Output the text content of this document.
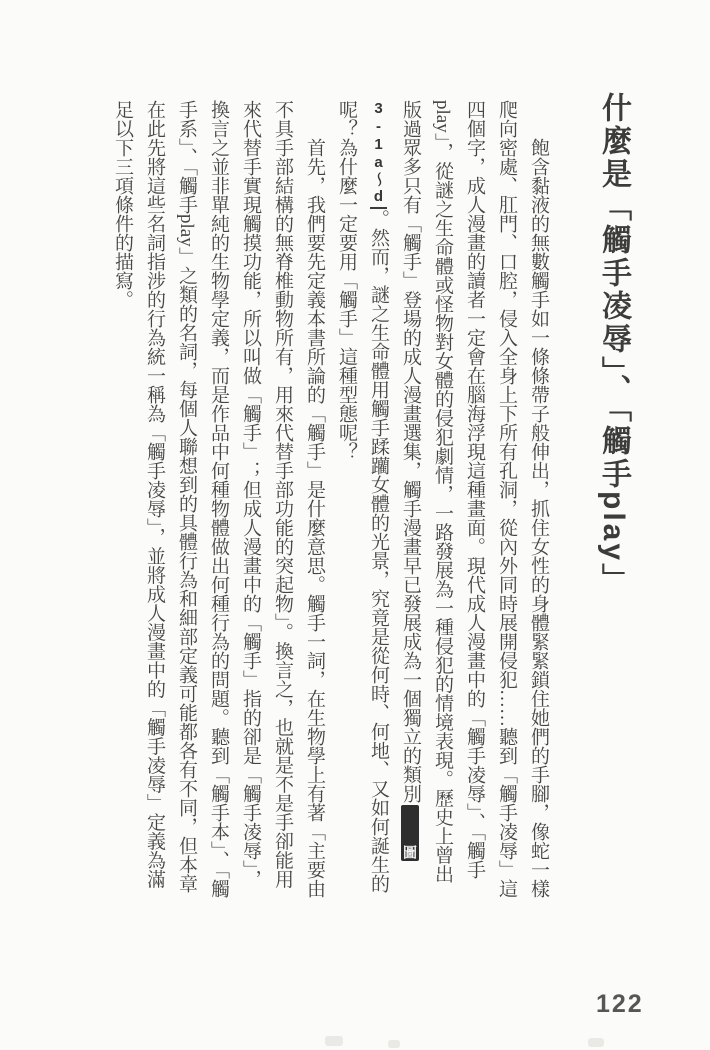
什麼是「觸手凌辱」、「觸手play」

飽含黏液的無數觸手如一條條帶子般伸出，抓住女性的身體緊緊鎖住她們的手腳，像蛇一樣爬向密處、肛門、口腔，侵入全身上下所有孔洞，從內外同時展開侵犯……聽到「觸手凌辱」這四個字，成人漫畫的讀者一定會在腦海浮現這種畫面。現代成人漫畫中的「觸手凌辱」、「觸手play」，從謎之生命體或怪物對女體的侵犯劇情，一路發展為一種侵犯的情境表現。歷史上曾出版過眾多只有「觸手」登場的成人漫畫選集，觸手漫畫早已發展成為一個獨立的類別圖3-1a～d。然而，謎之生命體用觸手蹂躪女體的光景，究竟是從何時、何地、又如何誕生的呢？為什麼一定要用「觸手」這種型態呢？

首先，我們要先定義本書所論的「觸手」是什麼意思。觸手一詞，在生物學上有著「主要由不具手部結構的無脊椎動物所有，用來代替手部功能的突起物」。換言之，也就是不是手卻能用來代替手實現觸摸功能，所以叫做「觸手」；但成人漫畫中的「觸手」指的卻是「觸手凌辱」，換言之並非單純的生物學定義，而是作品中何種物體做出何種行為的問題。聽到「觸手本」、「觸手系」、「觸手play」之類的名詞，每個人聯想到的具體行為和細部定義可能都各有不同，但本章在此先將這些名詞指涉的行為統一稱為「觸手凌辱」，並將成人漫畫中的「觸手凌辱」定義為滿足以下三項條件的描寫。

122
